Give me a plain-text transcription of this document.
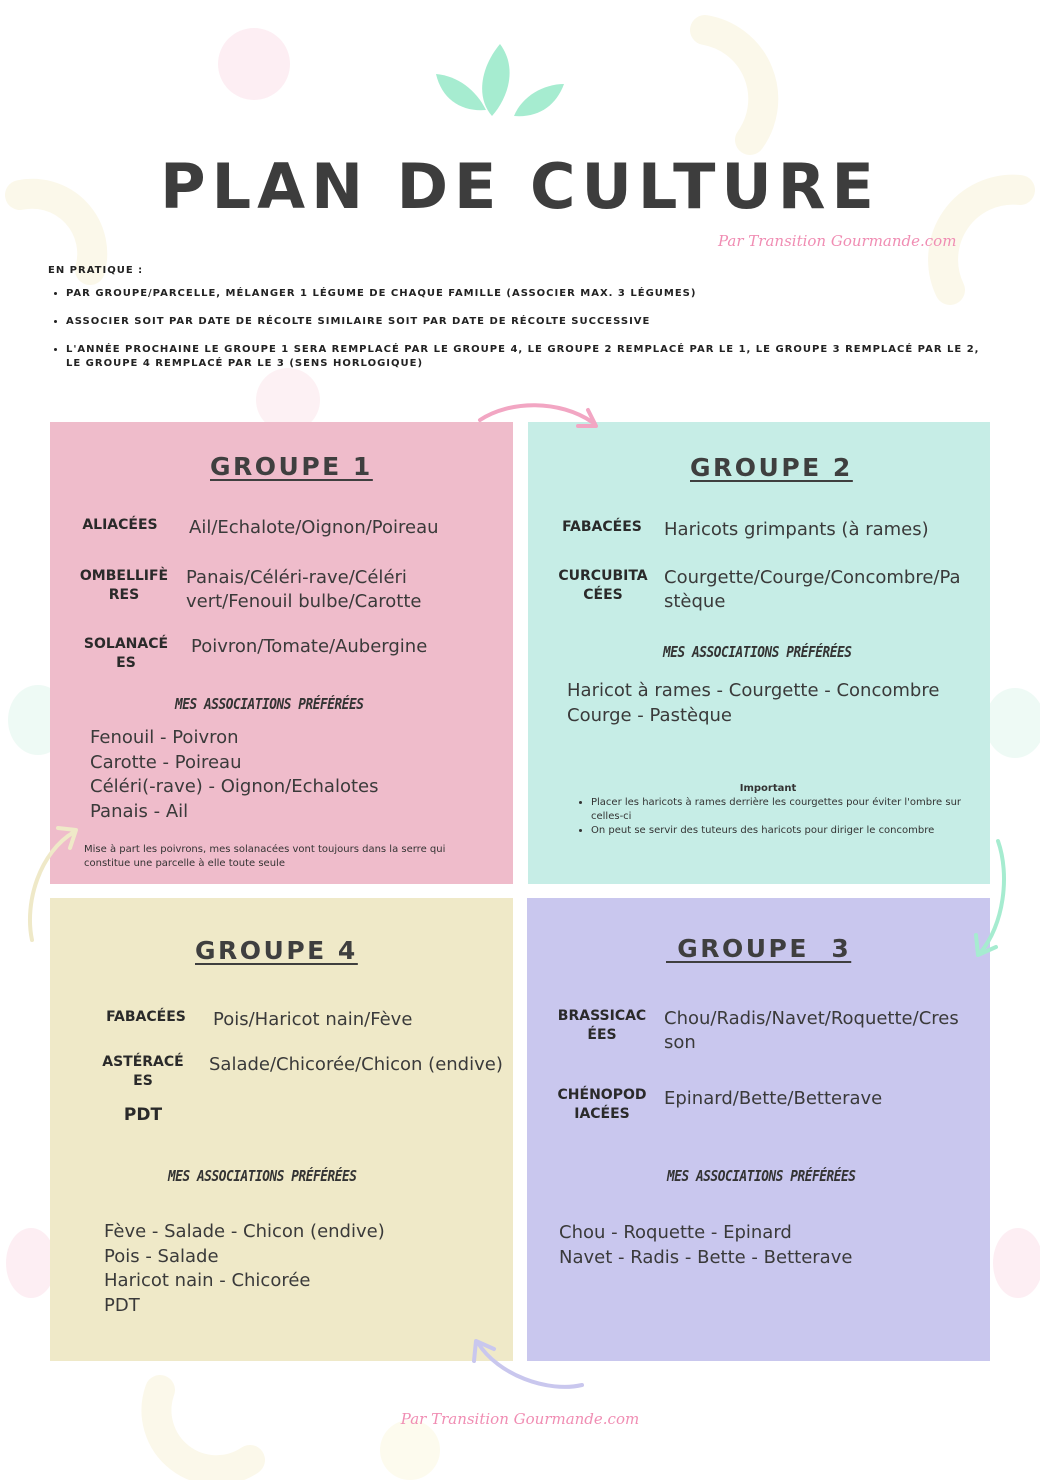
PLAN DE CULTURE
Par Transition Gourmande.com
EN PRATIQUE :
• PAR GROUPE/PARCELLE, MÉLANGER 1 LÉGUME DE CHAQUE FAMILLE (ASSOCIER MAX. 3 LÉGUMES)
• ASSOCIER SOIT PAR DATE DE RÉCOLTE SIMILAIRE SOIT PAR DATE DE RÉCOLTE SUCCESSIVE
• L'ANNÉE PROCHAINE LE GROUPE 1 SERA REMPLACÉ PAR LE GROUPE 4, LE GROUPE 2 REMPLACÉ PAR LE 1, LE GROUPE 3 REMPLACÉ PAR LE 2, LE GROUPE 4 REMPLACÉ PAR LE 3 (SENS HORLOGIQUE)
GROUPE 1
ALIACÉES	Ail/Echalote/Oignon/Poireau
OMBELLIFÈRES
Panais/Céléri-rave/Céléri vert/Fenouil bulbe/Carotte
SOLANACÉES
Poivron/Tomate/Aubergine
MES ASSOCIATIONS PRÉFÉRÉES
Fenouil - Poivron
Carotte - Poireau
Céléri(-rave) - Oignon/Echalotes
Panais - Ail
Mise à part les poivrons, mes solanacées vont toujours dans la serre qui constitue une parcelle à elle toute seule
GROUPE 2
FABACÉES Haricots grimpants (à rames)
CURCUBITACÉES
Courgette/Courge/Concombre/Pastèque
MES ASSOCIATIONS PRÉFÉRÉES
Haricot à rames - Courgette - Concombre
Courge - Pastèque
Important
• Placer les haricots à rames derrière les courgettes pour éviter l'ombre sur celles-ci
• On peut se servir des tuteurs des haricots pour diriger le concombre
GROUPE 4
FABACÉES	Pois/Haricot nain/Fève
ASTÉRACÉES
Salade/Chicorée/Chicon (endive)
PDT
MES ASSOCIATIONS PRÉFÉRÉES
Fève - Salade - Chicon (endive)
Pois - Salade
Haricot nain - Chicorée
PDT
GROUPE  3
BRASSICACÉES
Chou/Radis/Navet/Roquette/Cresson
CHÉNOPODIACÉES
Epinard/Bette/Betterave
MES ASSOCIATIONS PRÉFÉRÉES
Chou - Roquette - Epinard
Navet - Radis - Bette - Betterave
Par Transition Gourmande.com
